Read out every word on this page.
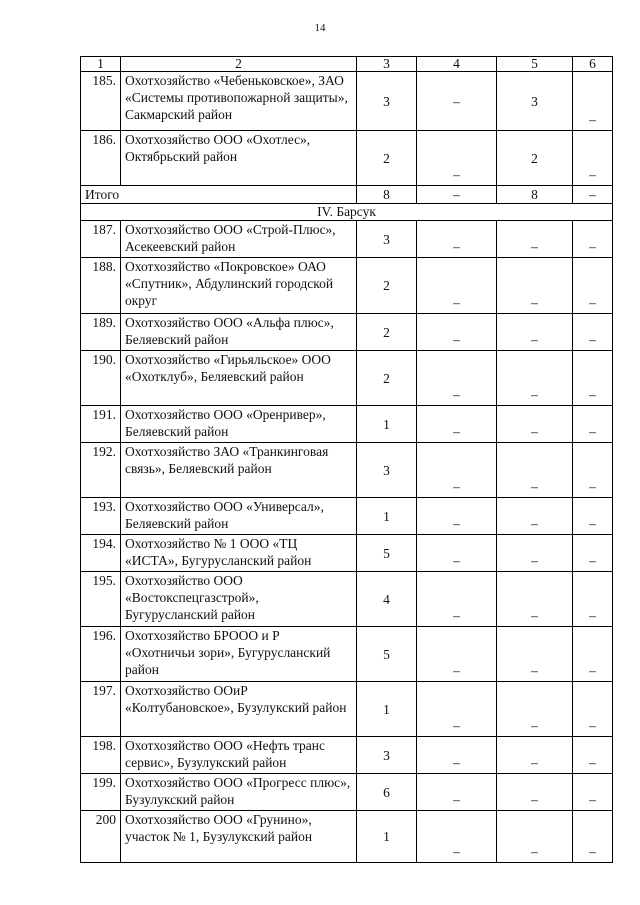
14
1	2	3	4	5	6
185.	Охотхозяйство «Чебеньковское», ЗАО «Системы противопожарной защиты», Сакмарский район	3	–	3	–
186.	Охотхозяйство ООО «Охотлес», Октябрьский район	2	–	2	–
Итого		8	–	8	–
IV. Барсук					
187.	Охотхозяйство ООО «Строй-Плюс», Асекеевский район	3	–	–	–
188.	Охотхозяйство «Покровское» ОАО «Спутник», Абдулинский городской округ	2	–	–	–
189.	Охотхозяйство ООО «Альфа плюс», Беляевский район	2	–	–	–
190.	Охотхозяйство «Гирьяльское» ООО «Охотклуб», Беляевский район	2	–	–	–
191.	Охотхозяйство ООО «Оренривер», Беляевский район	1	–	–	–
192.	Охотхозяйство ЗАО «Транкинговая связь», Беляевский район	3	–	–	–
193.	Охотхозяйство ООО «Универсал», Беляевский район	1	–	–	–
194.	Охотхозяйство № 1 ООО «ТЦ «ИСТА», Бугурусланский район	5	–	–	–
195.	Охотхозяйство ООО «Востокспецгазстрой», Бугурусланский район	4	–	–	–
196.	Охотхозяйство БРООО и Р «Охотничьи зори», Бугурусланский район	5	–	–	–
197.	Охотхозяйство ООиР «Колтубановское», Бузулукский район	1	–	–	–
198.	Охотхозяйство ООО «Нефть транс сервис», Бузулукский район	3	–	–	–
199.	Охотхозяйство ООО «Прогресс плюс», Бузулукский район	6	–	–	–
200	Охотхозяйство ООО «Грунино», участок № 1, Бузулукский район	1	–	–	–
